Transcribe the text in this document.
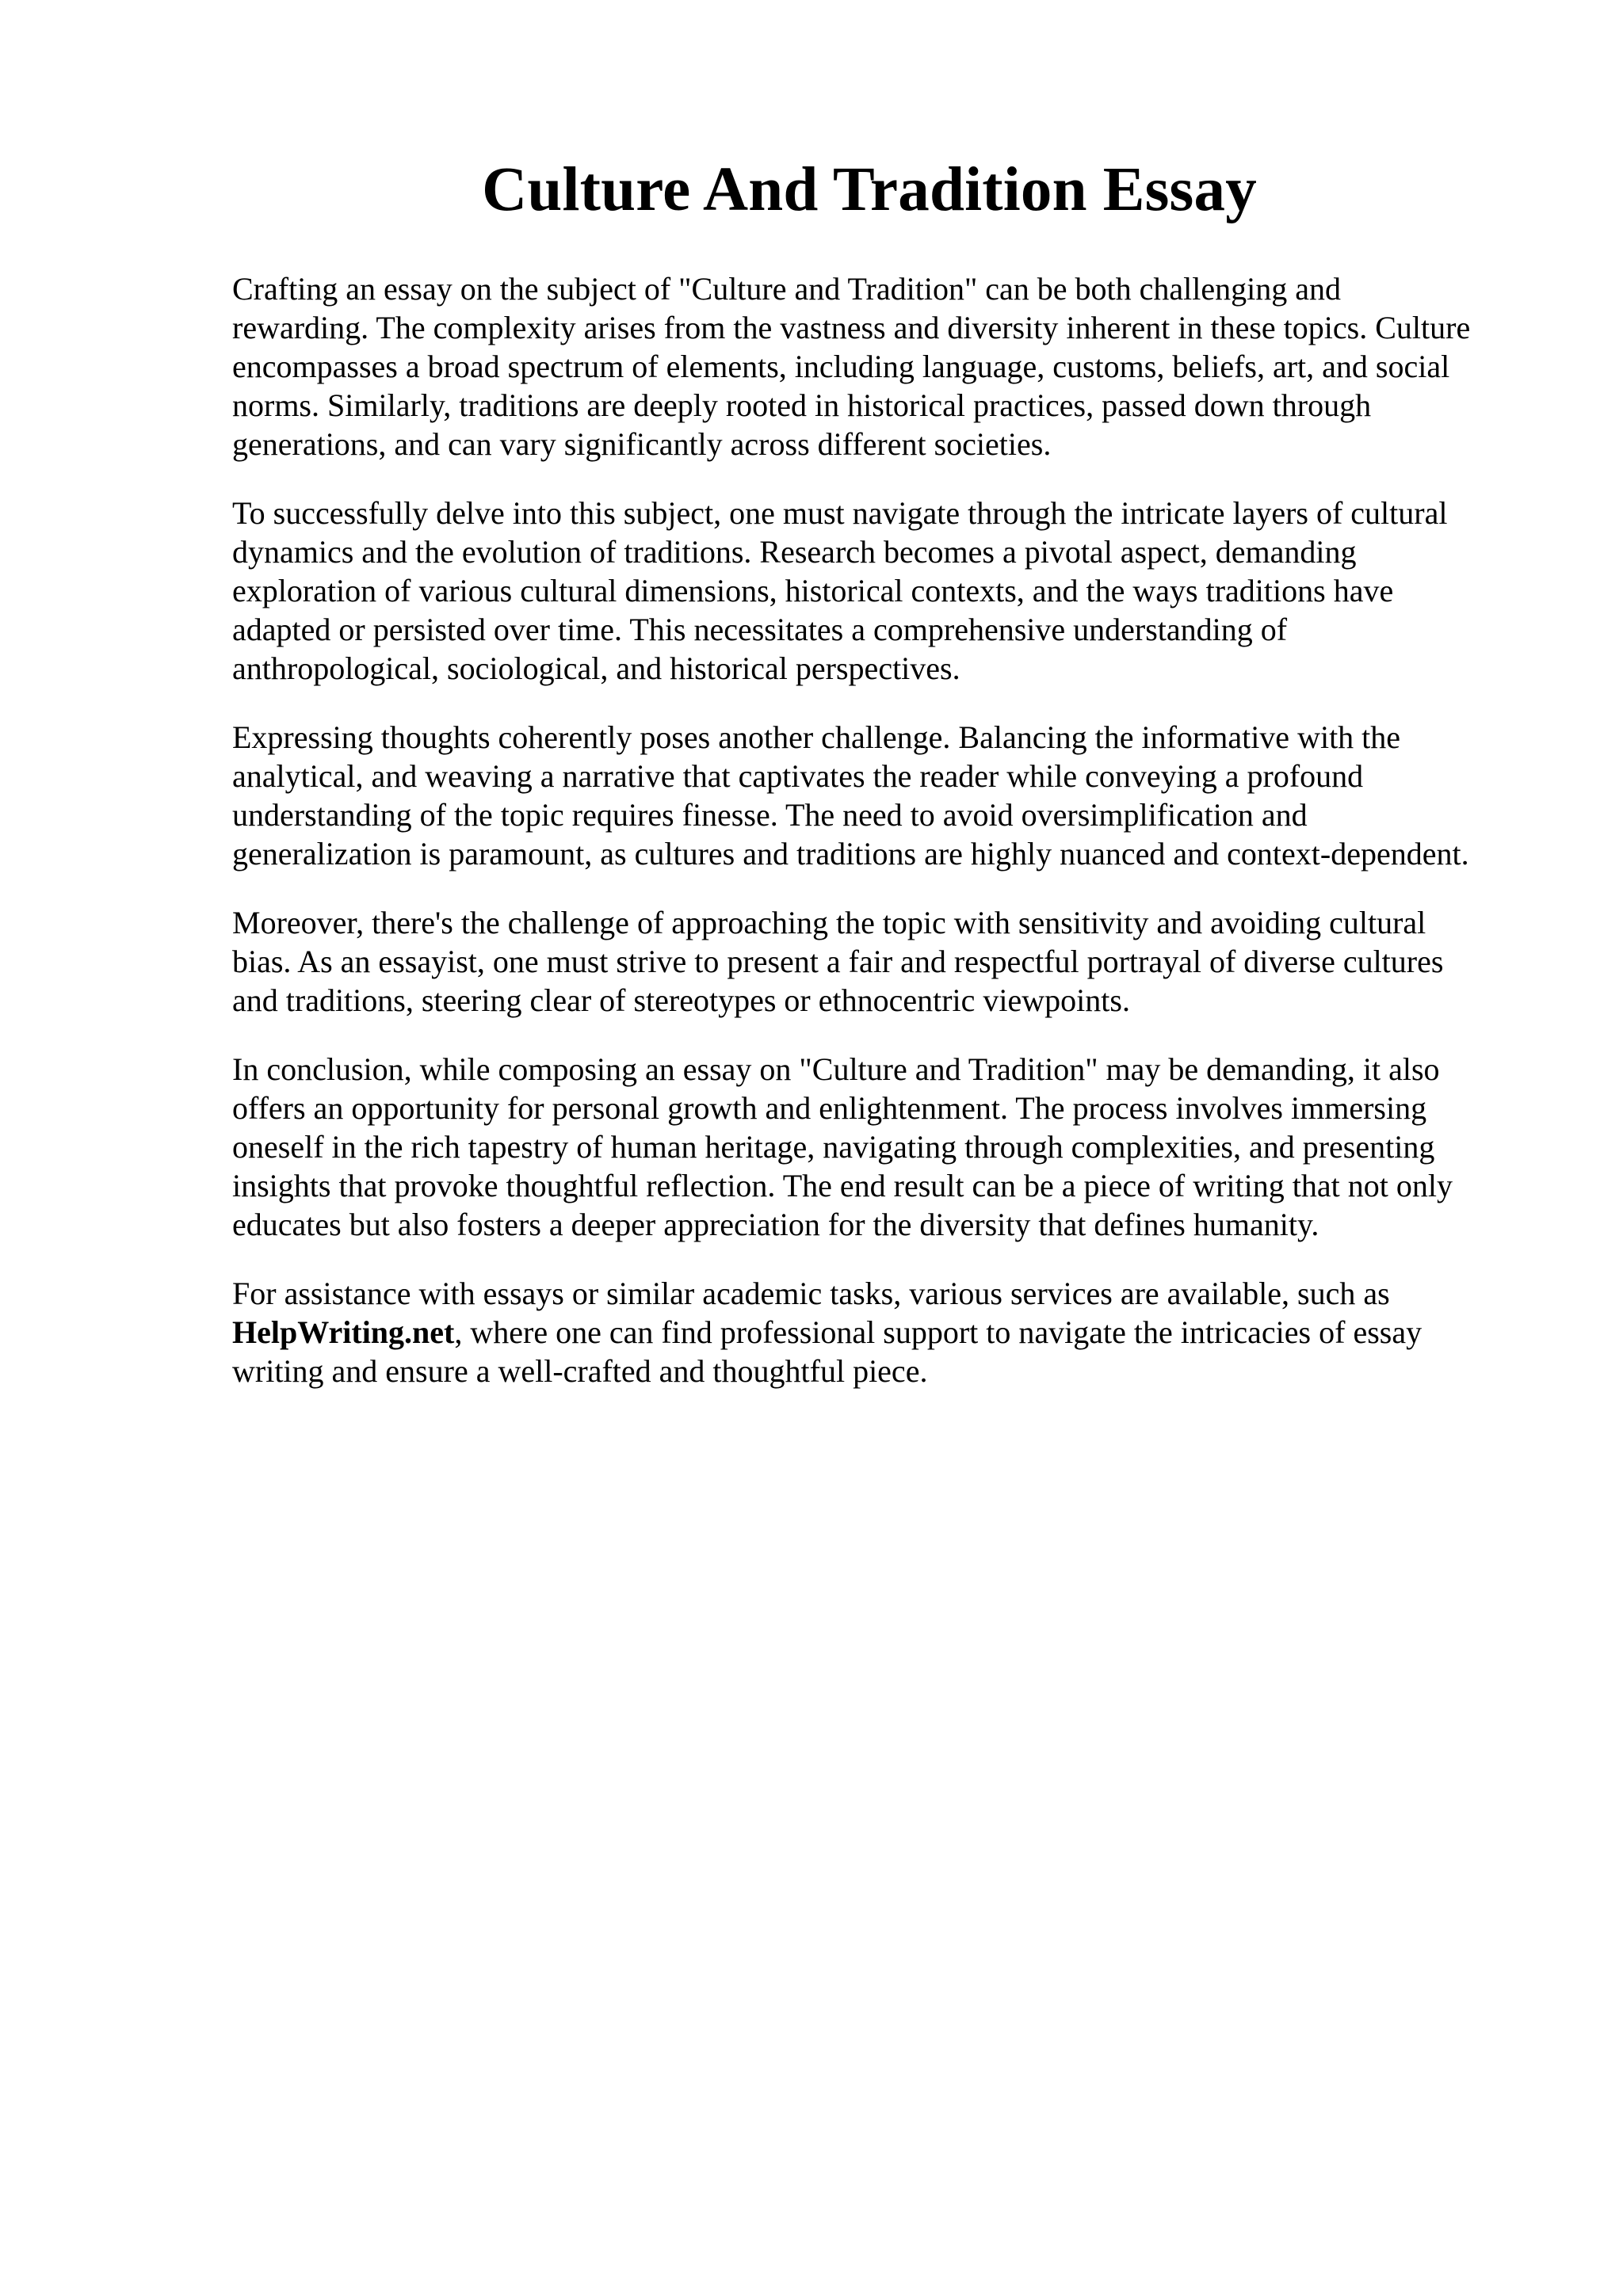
Culture And Tradition Essay

Crafting an essay on the subject of "Culture and Tradition" can be both challenging and
rewarding. The complexity arises from the vastness and diversity inherent in these topics. Culture
encompasses a broad spectrum of elements, including language, customs, beliefs, art, and social
norms. Similarly, traditions are deeply rooted in historical practices, passed down through
generations, and can vary significantly across different societies.

To successfully delve into this subject, one must navigate through the intricate layers of cultural
dynamics and the evolution of traditions. Research becomes a pivotal aspect, demanding
exploration of various cultural dimensions, historical contexts, and the ways traditions have
adapted or persisted over time. This necessitates a comprehensive understanding of
anthropological, sociological, and historical perspectives.

Expressing thoughts coherently poses another challenge. Balancing the informative with the
analytical, and weaving a narrative that captivates the reader while conveying a profound
understanding of the topic requires finesse. The need to avoid oversimplification and
generalization is paramount, as cultures and traditions are highly nuanced and context-dependent.

Moreover, there's the challenge of approaching the topic with sensitivity and avoiding cultural
bias. As an essayist, one must strive to present a fair and respectful portrayal of diverse cultures
and traditions, steering clear of stereotypes or ethnocentric viewpoints.

In conclusion, while composing an essay on "Culture and Tradition" may be demanding, it also
offers an opportunity for personal growth and enlightenment. The process involves immersing
oneself in the rich tapestry of human heritage, navigating through complexities, and presenting
insights that provoke thoughtful reflection. The end result can be a piece of writing that not only
educates but also fosters a deeper appreciation for the diversity that defines humanity.

For assistance with essays or similar academic tasks, various services are available, such as
HelpWriting.net, where one can find professional support to navigate the intricacies of essay
writing and ensure a well-crafted and thoughtful piece.
